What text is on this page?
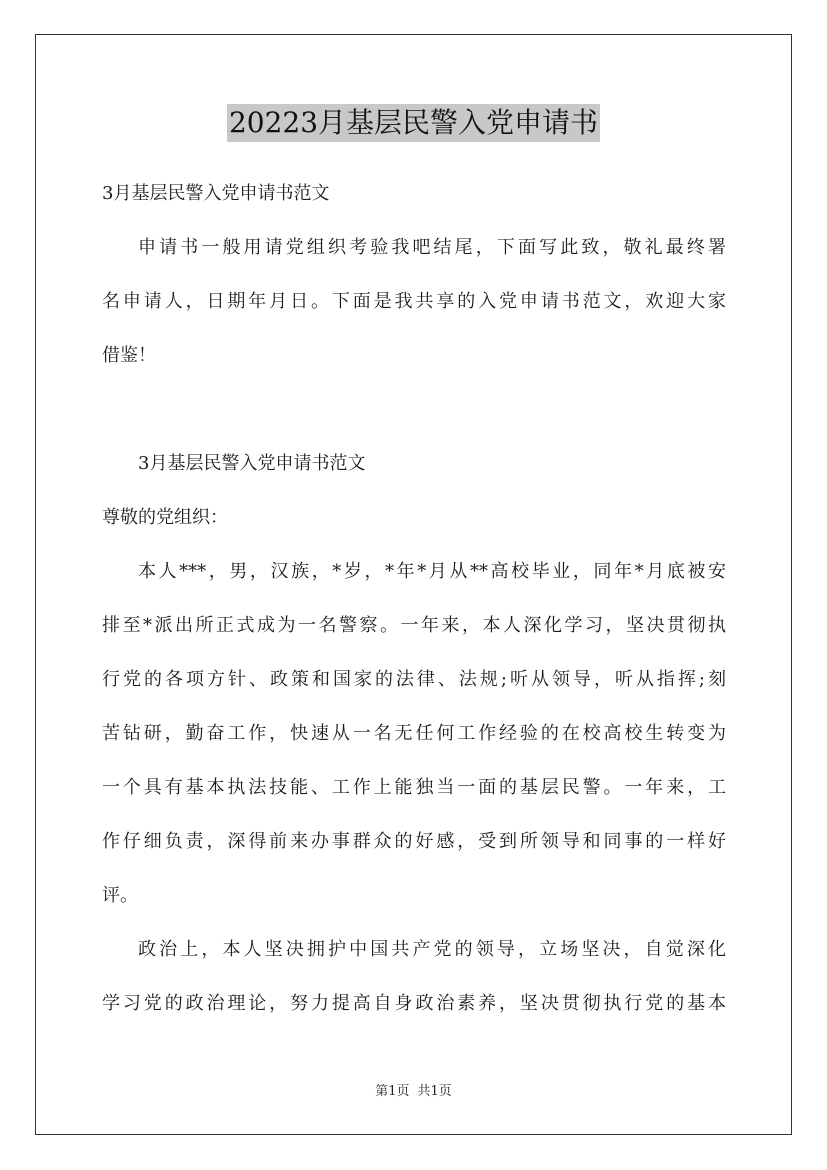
20223月基层民警入党申请书
3月基层民警入党申请书范文
申请书一般用请党组织考验我吧结尾，下面写此致，敬礼最终署
名申请人，日期年月日。下面是我共享的入党申请书范文，欢迎大家
借鉴！
3月基层民警入党申请书范文
尊敬的党组织：
本人***，男，汉族，*岁，*年*月从**高校毕业，同年*月底被安
排至*派出所正式成为一名警察。一年来，本人深化学习，坚决贯彻执
行党的各项方针、政策和国家的法律、法规;听从领导，听从指挥;刻
苦钻研，勤奋工作，快速从一名无任何工作经验的在校高校生转变为
一个具有基本执法技能、工作上能独当一面的基层民警。一年来，工
作仔细负责，深得前来办事群众的好感，受到所领导和同事的一样好
评。
政治上，本人坚决拥护中国共产党的领导，立场坚决，自觉深化
学习党的政治理论，努力提高自身政治素养，坚决贯彻执行党的基本
第1页 共1页
